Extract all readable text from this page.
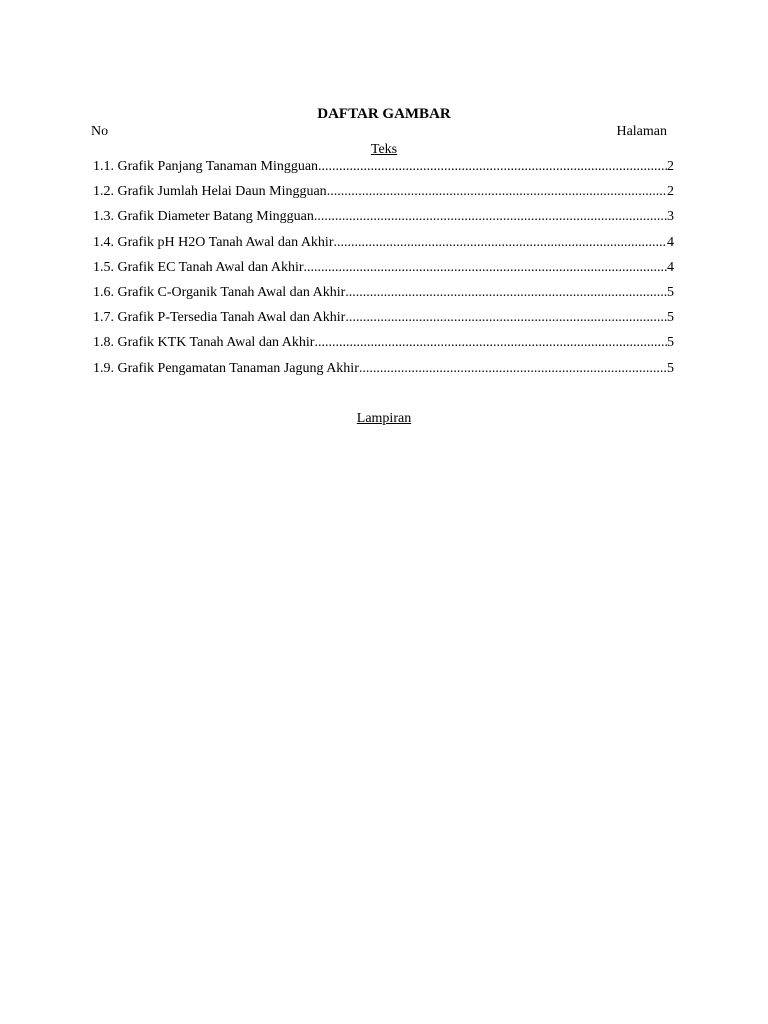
DAFTAR GAMBAR
No	Halaman
Teks
1.1. Grafik Panjang Tanaman Mingguan .....	2
1.2. Grafik Jumlah Helai Daun Mingguan .....	2
1.3. Grafik Diameter Batang Mingguan .....	3
1.4. Grafik pH H2O Tanah Awal dan Akhir .....	4
1.5. Grafik EC Tanah Awal dan Akhir .....	4
1.6. Grafik C-Organik Tanah Awal dan Akhir .....	5
1.7. Grafik P-Tersedia Tanah Awal dan Akhir .....	5
1.8. Grafik KTK Tanah Awal dan Akhir .....	5
1.9. Grafik Pengamatan Tanaman Jagung Akhir .....	5
Lampiran
